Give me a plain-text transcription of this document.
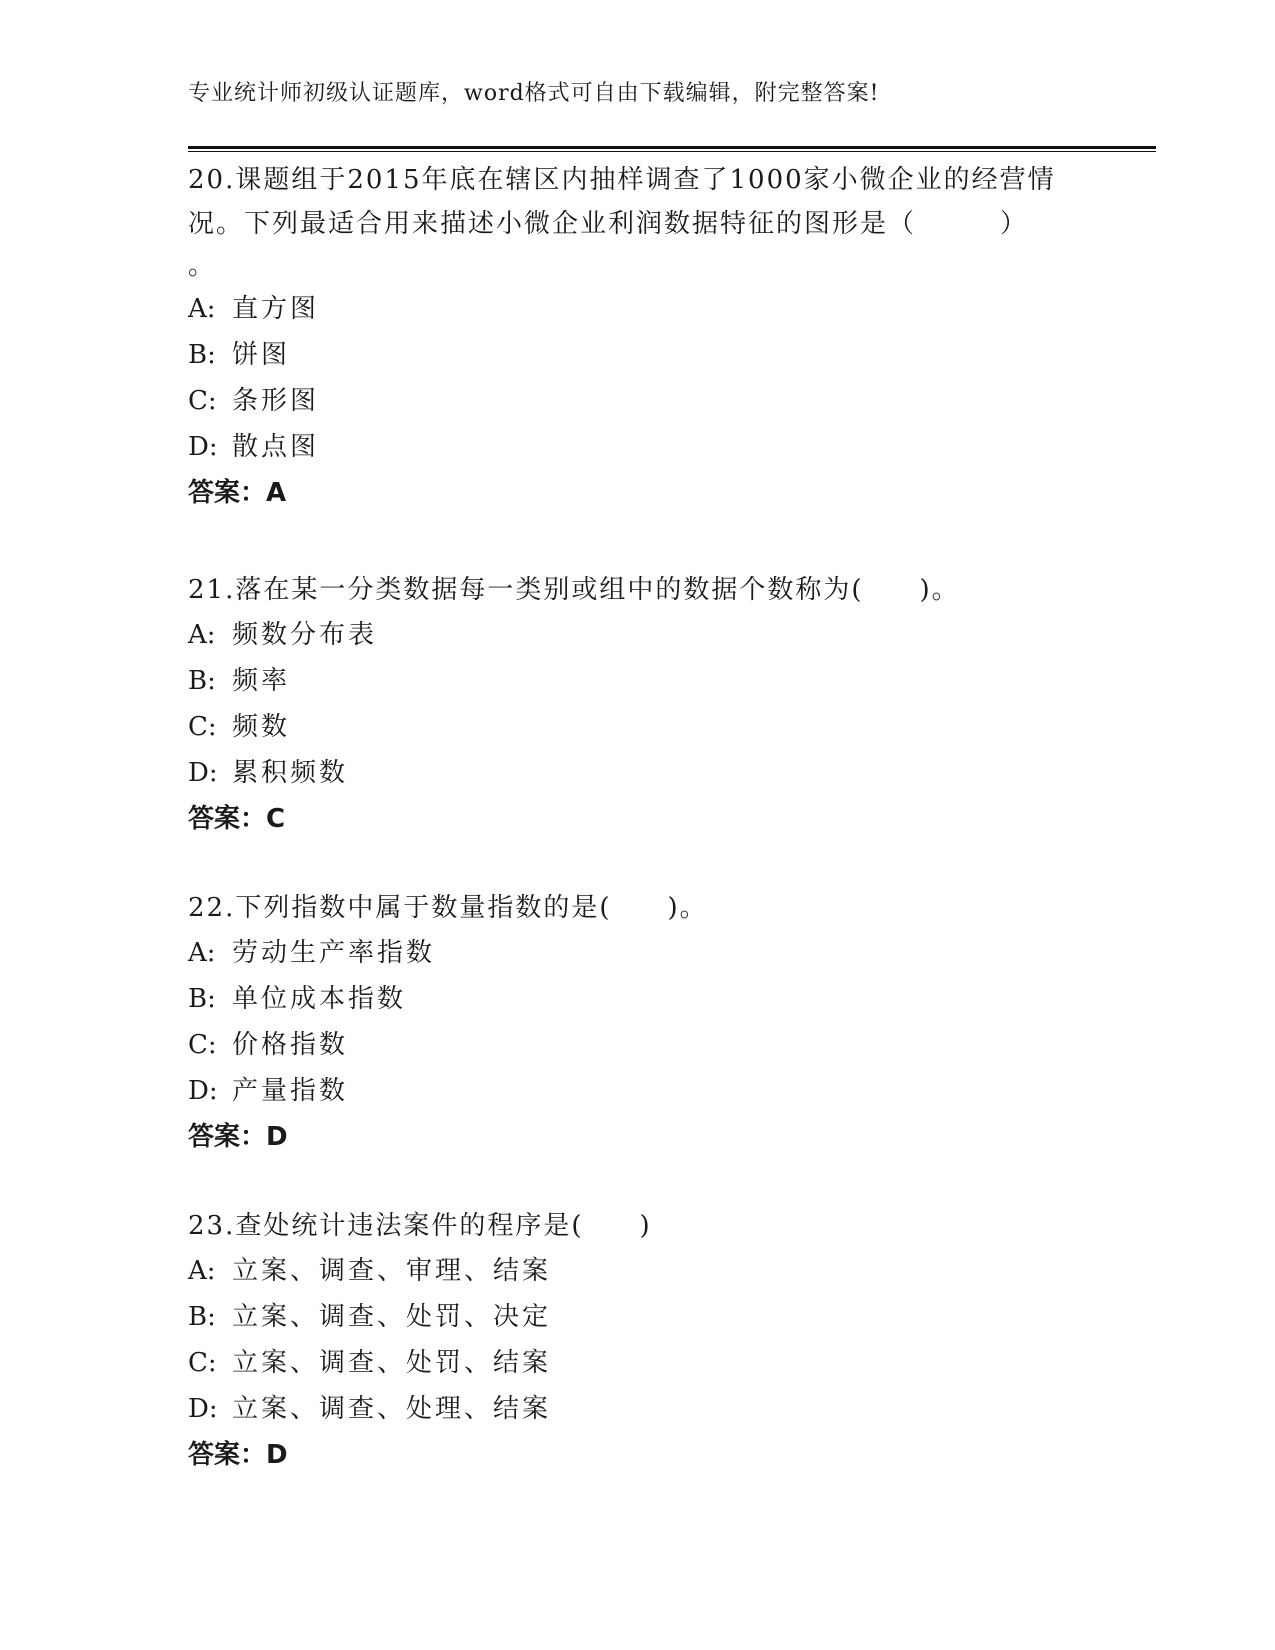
专业统计师初级认证题库，word格式可自由下载编辑，附完整答案!

20.课题组于2015年底在辖区内抽样调查了1000家小微企业的经营情

况。下列最适合用来描述小微企业利润数据特征的图形是（　　　）

。

A: 直方图
B: 饼图
C: 条形图
D: 散点图
答案：A

21.落在某一分类数据每一类别或组中的数据个数称为(　　)。

A: 频数分布表
B: 频率
C: 频数
D: 累积频数
答案：C

22.下列指数中属于数量指数的是(　　)。

A: 劳动生产率指数
B: 单位成本指数
C: 价格指数
D: 产量指数
答案：D

23.查处统计违法案件的程序是(　　)

A: 立案、调查、审理、结案
B: 立案、调查、处罚、决定
C: 立案、调查、处罚、结案
D: 立案、调查、处理、结案
答案：D
